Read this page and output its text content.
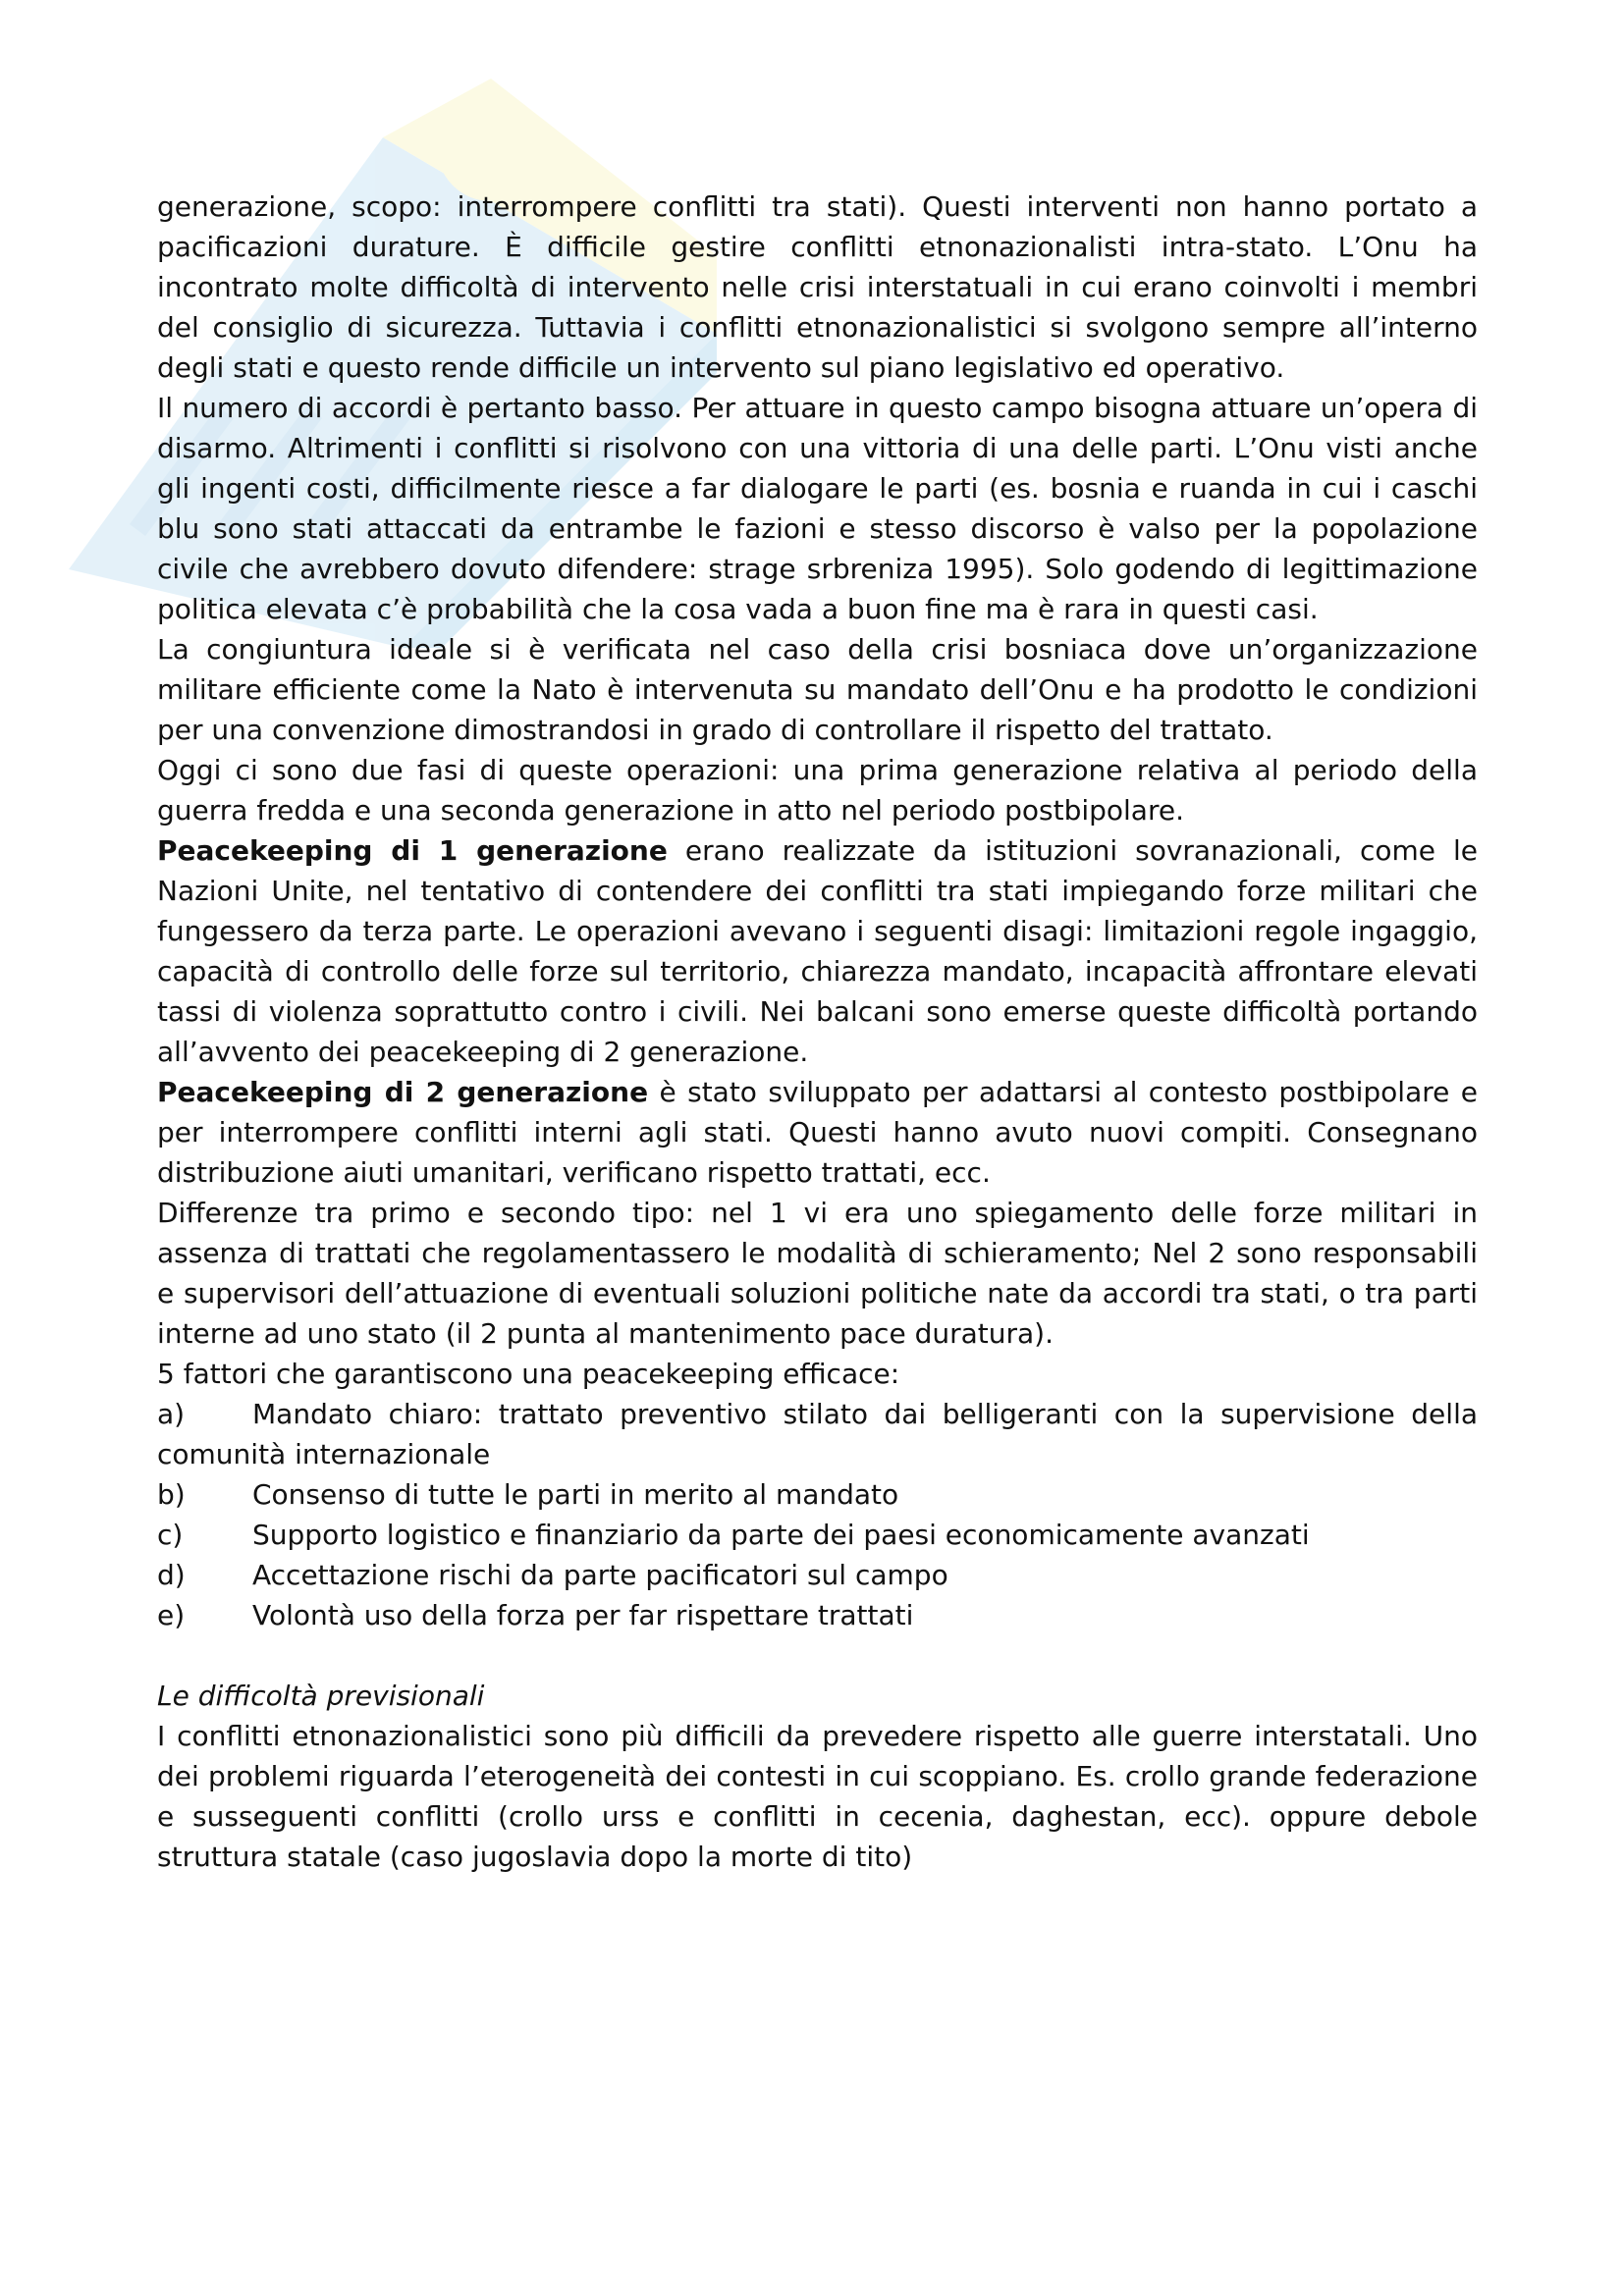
generazione, scopo: interrompere conflitti tra stati). Questi interventi non hanno portato a pacificazioni durature. È difficile gestire conflitti etnonazionalisti intra-stato. L’Onu ha incontrato molte difficoltà di intervento nelle crisi interstatuali in cui erano coinvolti i membri del consiglio di sicurezza. Tuttavia i conflitti etnonazionalistici si svolgono sempre all’interno degli stati e questo rende difficile un intervento sul piano legislativo ed operativo.

Il numero di accordi è pertanto basso. Per attuare in questo campo bisogna attuare un’opera di disarmo. Altrimenti i conflitti si risolvono con una vittoria di una delle parti. L’Onu visti anche gli ingenti costi, difficilmente riesce a far dialogare le parti (es. bosnia e ruanda in cui i caschi blu sono stati attaccati da entrambe le fazioni e stesso discorso è valso per la popolazione civile che avrebbero dovuto difendere: strage srbreniza 1995). Solo godendo di legittimazione politica elevata c’è probabilità che la cosa vada a buon fine ma è rara in questi casi.

La congiuntura ideale si è verificata nel caso della crisi bosniaca dove un’organizzazione militare efficiente come la Nato è intervenuta su mandato dell’Onu e ha prodotto le condizioni per una convenzione dimostrandosi in grado di controllare il rispetto del trattato.

Oggi ci sono due fasi di queste operazioni: una prima generazione relativa al periodo della guerra fredda e una seconda generazione in atto nel periodo postbipolare.

Peacekeeping di 1 generazione erano realizzate da istituzioni sovranazionali, come le Nazioni Unite, nel tentativo di contendere dei conflitti tra stati impiegando forze militari che fungessero da terza parte. Le operazioni avevano i seguenti disagi: limitazioni regole ingaggio, capacità di controllo delle forze sul territorio, chiarezza mandato, incapacità affrontare elevati tassi di violenza soprattutto contro i civili. Nei balcani sono emerse queste difficoltà portando all’avvento dei peacekeeping di 2 generazione.

Peacekeeping di 2 generazione è stato sviluppato per adattarsi al contesto postbipolare e per interrompere conflitti interni agli stati. Questi hanno avuto nuovi compiti. Consegnano distribuzione aiuti umanitari, verificano rispetto trattati, ecc.

Differenze tra primo e secondo tipo: nel 1 vi era uno spiegamento delle forze militari in assenza di trattati che regolamentassero le modalità di schieramento; Nel 2 sono responsabili e supervisori dell’attuazione di eventuali soluzioni politiche nate da accordi tra stati, o tra parti interne ad uno stato (il 2 punta al mantenimento pace duratura).

5 fattori che garantiscono una peacekeeping efficace:

a) Mandato chiaro: trattato preventivo stilato dai belligeranti con la supervisione della comunità internazionale
b) Consenso di tutte le parti in merito al mandato
c)	Supporto logistico e finanziario da parte dei paesi economicamente avanzati
d) Accettazione rischi da parte pacificatori sul campo
e) Volontà uso della forza per far rispettare trattati

Le difficoltà previsionali

I conflitti etnonazionalistici sono più difficili da prevedere rispetto alle guerre interstatali. Uno dei problemi riguarda l’eterogeneità dei contesti in cui scoppiano. Es. crollo grande federazione e susseguenti conflitti (crollo urss e conflitti in cecenia, daghestan, ecc). oppure debole struttura statale (caso jugoslavia dopo la morte di tito)
